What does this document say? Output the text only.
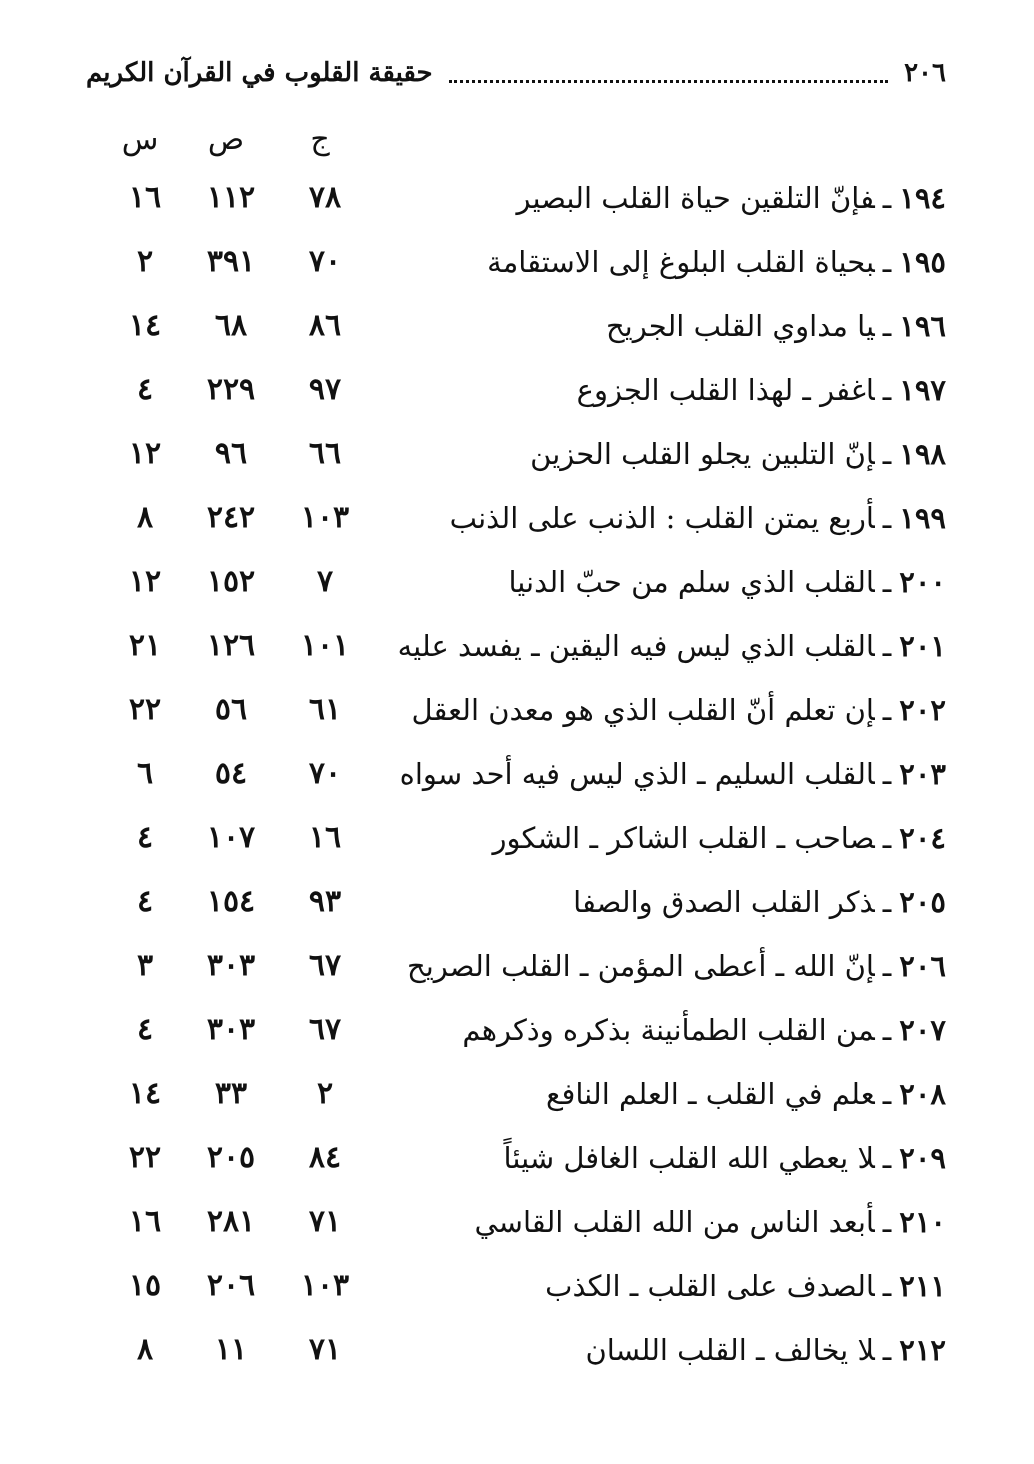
حقيقة القلوب في القرآن الكريم	٢٠٦
ج
ص
س
١٩٤ـفإنّ التلقين حياة القلب البصير
٧٨
١١٢
١٦
١٩٥ـبحياة القلب البلوغ إلى الاستقامة
٧٠
٣٩١
٢
١٩٦ـيا مداوي القلب الجريح
٨٦
٦٨
١٤
١٩٧ـاغفر ـ لهذا القلب الجزوع
٩٧
٢٢٩
٤
١٩٨ـإنّ التلبين يجلو القلب الحزين
٦٦
٩٦
١٢
١٩٩ـأربع يمتن القلب : الذنب على الذنب
١٠٣
٢٤٢
٨
٢٠٠ـالقلب الذي سلم من حبّ الدنيا
٧
١٥٢
١٢
٢٠١ـالقلب الذي ليس فيه اليقين ـ يفسد عليه
١٠١
١٢٦
٢١
٢٠٢ـإن تعلم أنّ القلب الذي هو معدن العقل
٦١
٥٦
٢٢
٢٠٣ـالقلب السليم ـ الذي ليس فيه أحد سواه
٧٠
٥٤
٦
٢٠٤ـصاحب ـ القلب الشاكر ـ الشكور
١٦
١٠٧
٤
٢٠٥ـذكر القلب الصدق والصفا
٩٣
١٥٤
٤
٢٠٦ـإنّ الله ـ أعطى المؤمن ـ القلب الصريح
٦٧
٣٠٣
٣
٢٠٧ـمن القلب الطمأنينة بذكره وذكرهم
٦٧
٣٠٣
٤
٢٠٨ـعلم في القلب ـ العلم النافع
٢
٣٣
١٤
٢٠٩ـلا يعطي الله القلب الغافل شيئاً
٨٤
٢٠٥
٢٢
٢١٠ـأبعد الناس من الله القلب القاسي
٧١
٢٨١
١٦
٢١١ـالصدف على القلب ـ الكذب
١٠٣
٢٠٦
١٥
٢١٢ـلا يخالف ـ القلب اللسان
٧١
١١
٨
